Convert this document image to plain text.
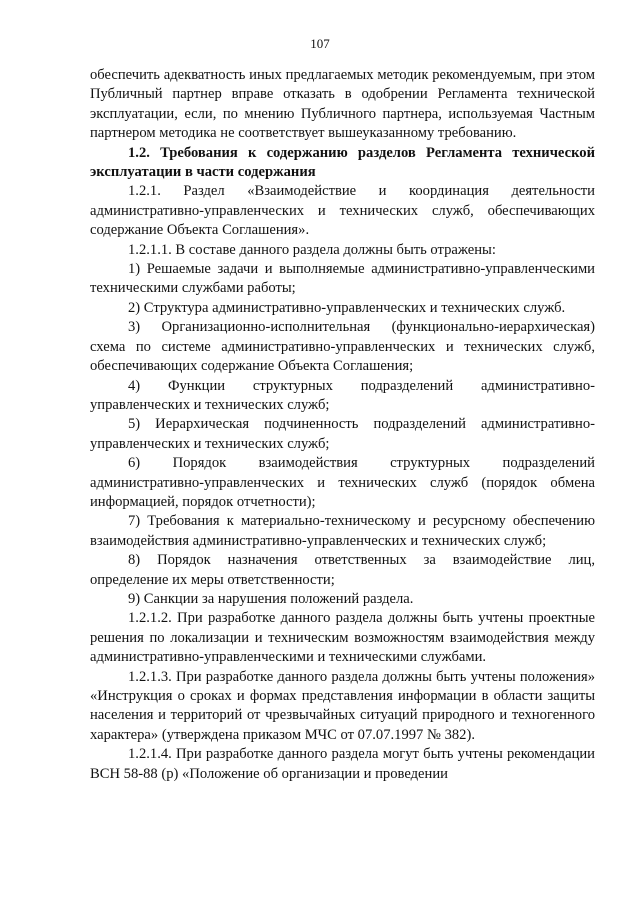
107

обеспечить адекватность иных предлагаемых методик рекомендуемым, при этом Публичный партнер вправе отказать в одобрении Регламента технической эксплуатации, если, по мнению Публичного партнера, используемая Частным партнером методика не соответствует вышеуказанному требованию.

1.2. Требования к содержанию разделов Регламента технической эксплуатации в части содержания

1.2.1. Раздел «Взаимодействие и координация деятельности административно-управленческих и технических служб, обеспечивающих содержание Объекта Соглашения».

1.2.1.1. В составе данного раздела должны быть отражены:

1) Решаемые задачи и выполняемые административно-управленческими техническими службами работы;

2) Структура административно-управленческих и технических служб.

3) Организационно-исполнительная (функционально-иерархическая) схема по системе административно-управленческих и технических служб, обеспечивающих содержание Объекта Соглашения;

4) Функции структурных подразделений административно-управленческих и технических служб;

5) Иерархическая подчиненность подразделений административно-управленческих и технических служб;

6) Порядок взаимодействия структурных подразделений административно-управленческих и технических служб (порядок обмена информацией, порядок отчетности);

7) Требования к материально-техническому и ресурсному обеспечению взаимодействия административно-управленческих и технических служб;

8) Порядок назначения ответственных за взаимодействие лиц, определение их меры ответственности;

9) Санкции за нарушения положений раздела.

1.2.1.2. При разработке данного раздела должны быть учтены проектные решения по локализации и техническим возможностям взаимодействия между административно-управленческими и техническими службами.

1.2.1.3. При разработке данного раздела должны быть учтены положения» «Инструкция о сроках и формах представления информации в области защиты населения и территорий от чрезвычайных ситуаций природного и техногенного характера» (утверждена приказом МЧС от 07.07.1997 № 382).

1.2.1.4. При разработке данного раздела могут быть учтены рекомендации ВСН 58-88 (р) «Положение об организации и проведении
